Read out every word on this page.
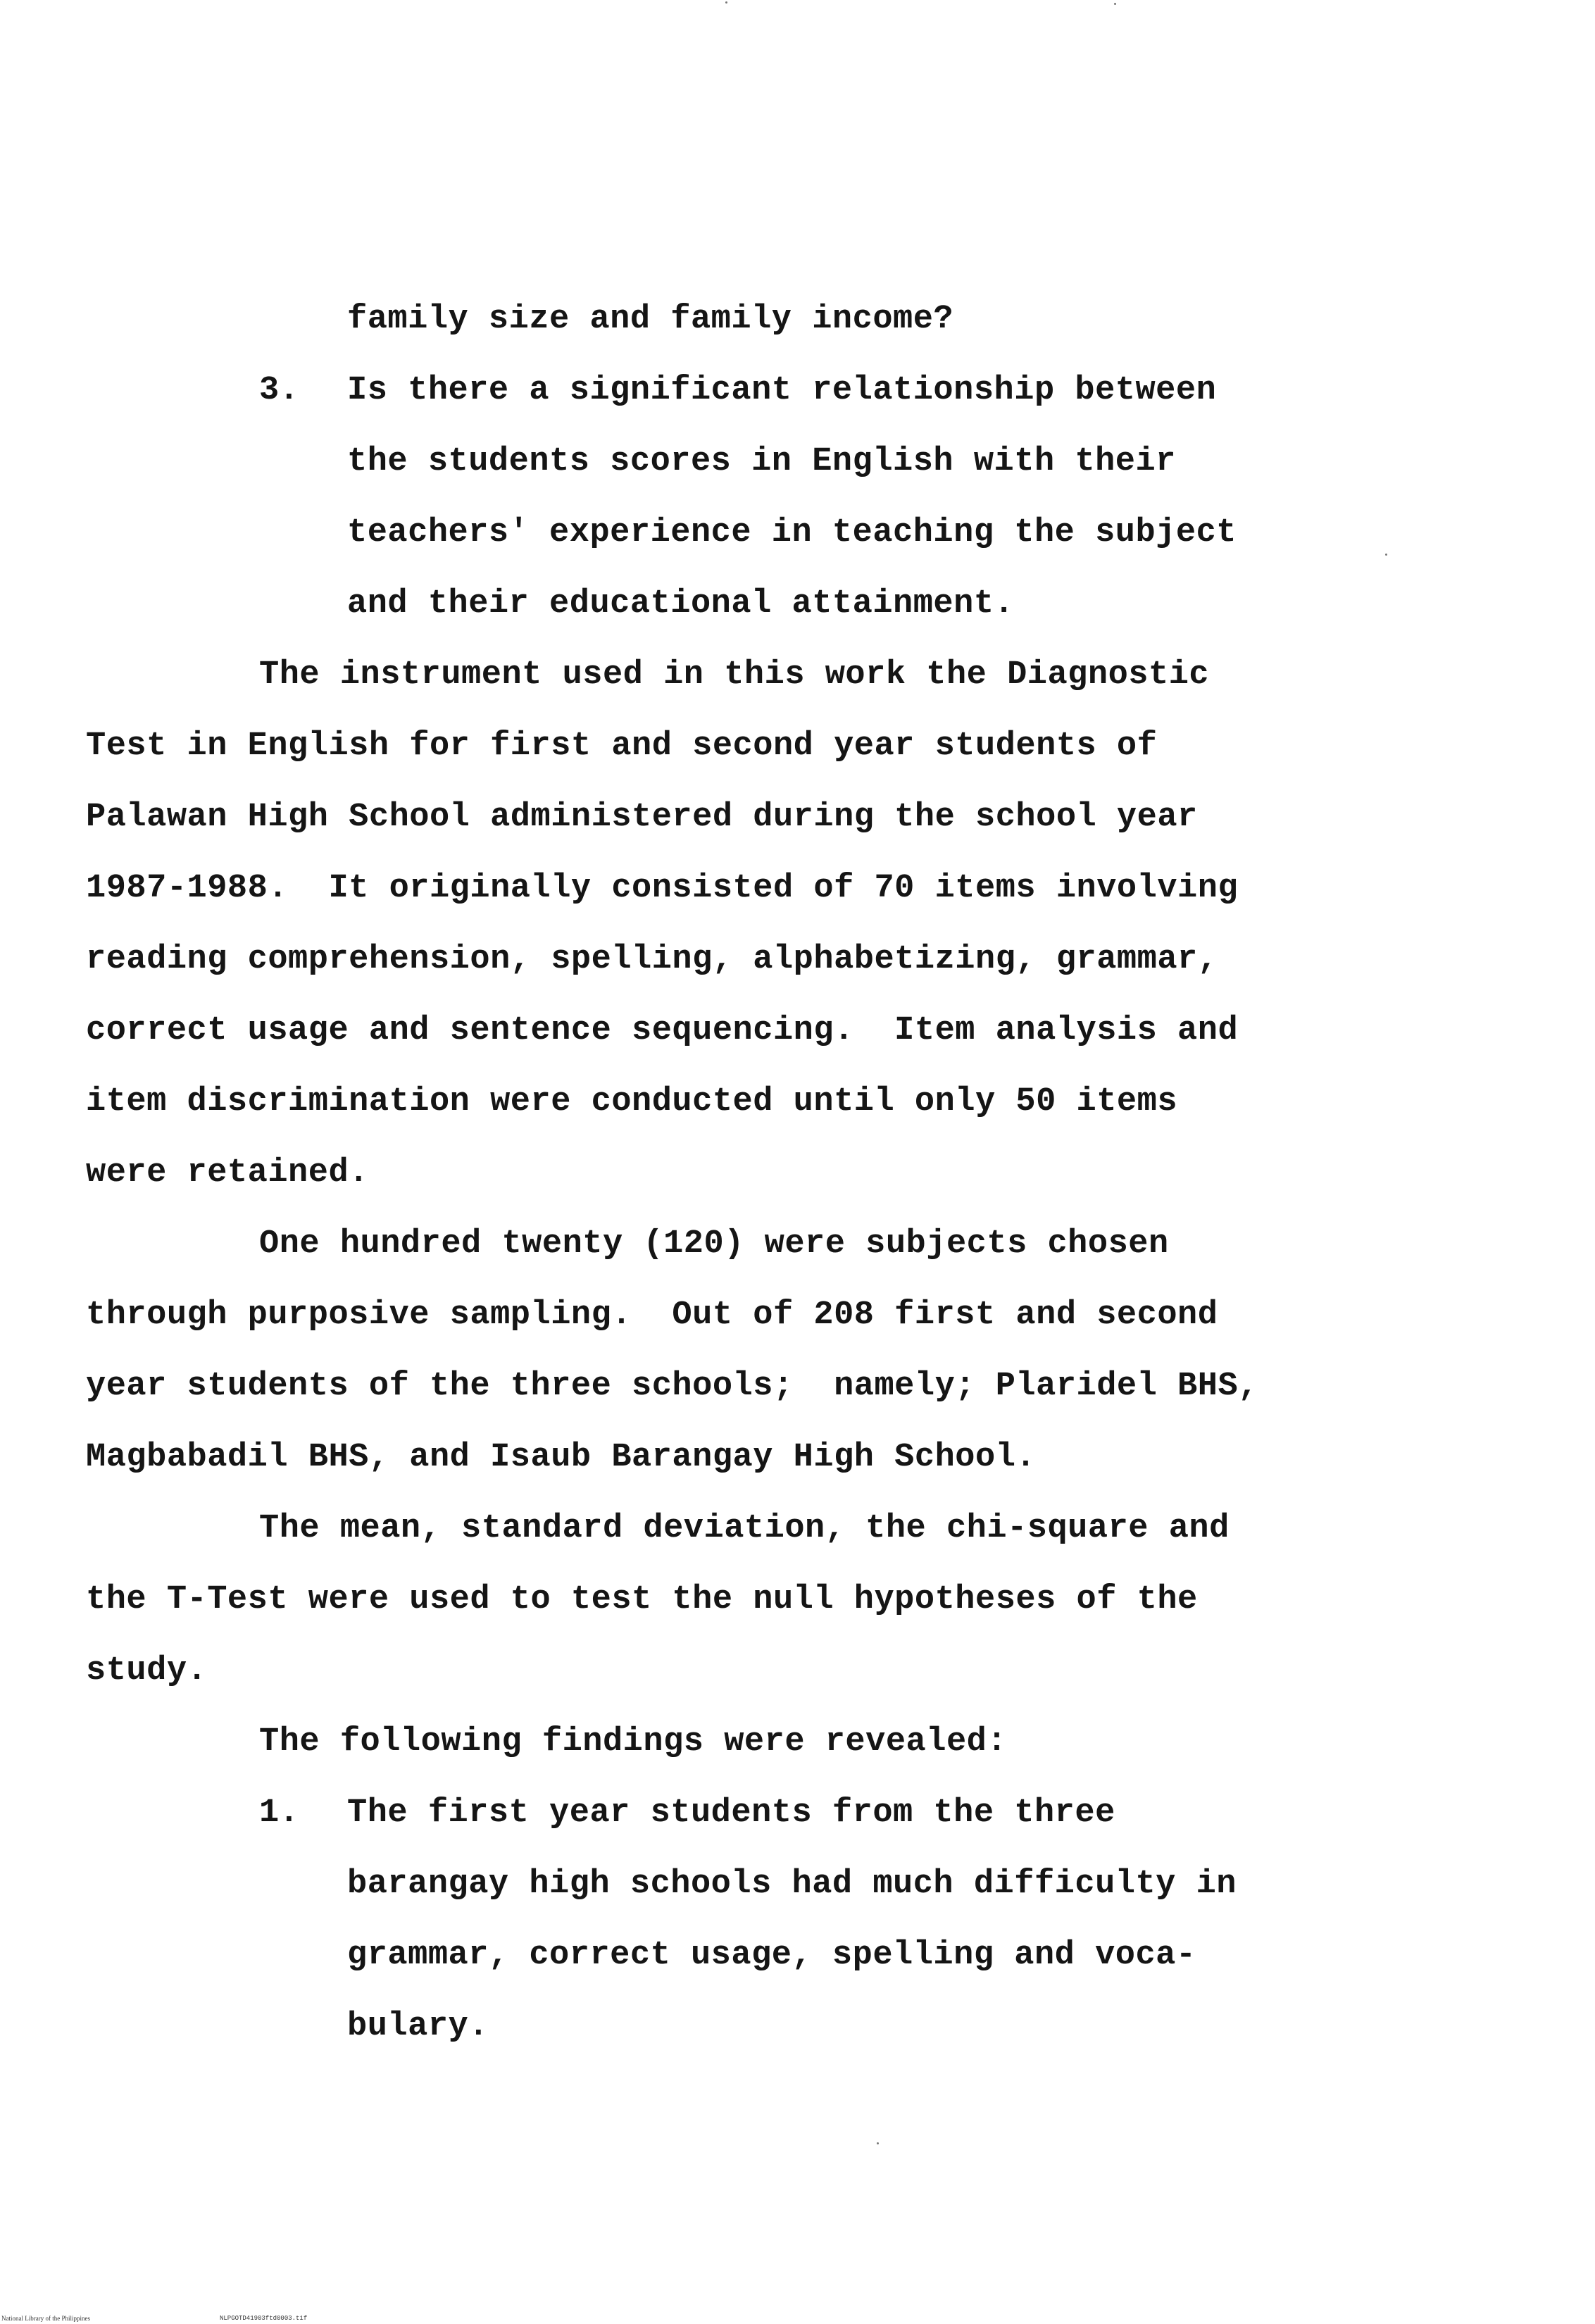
family size and family income?
3. Is there a significant relationship between
the students scores in English with their
teachers' experience in teaching the subject
and their educational attainment.
The instrument used in this work the Diagnostic
Test in English for first and second year students of
Palawan High School administered during the school year
1987-1988.  It originally consisted of 70 items involving
reading comprehension, spelling, alphabetizing, grammar,
correct usage and sentence sequencing.  Item analysis and
item discrimination were conducted until only 50 items
were retained.
One hundred twenty (120) were subjects chosen
through purposive sampling.  Out of 208 first and second
year students of the three schools;  namely; Plaridel BHS,
Magbabadil BHS, and Isaub Barangay High School.
The mean, standard deviation, the chi-square and
the T-Test were used to test the null hypotheses of the
study.
The following findings were revealed:
1. The first year students from the three
barangay high schools had much difficulty in
grammar, correct usage, spelling and voca-
bulary.
National Library of the Philippines	NLPGOTD41903ftd0003.tif
